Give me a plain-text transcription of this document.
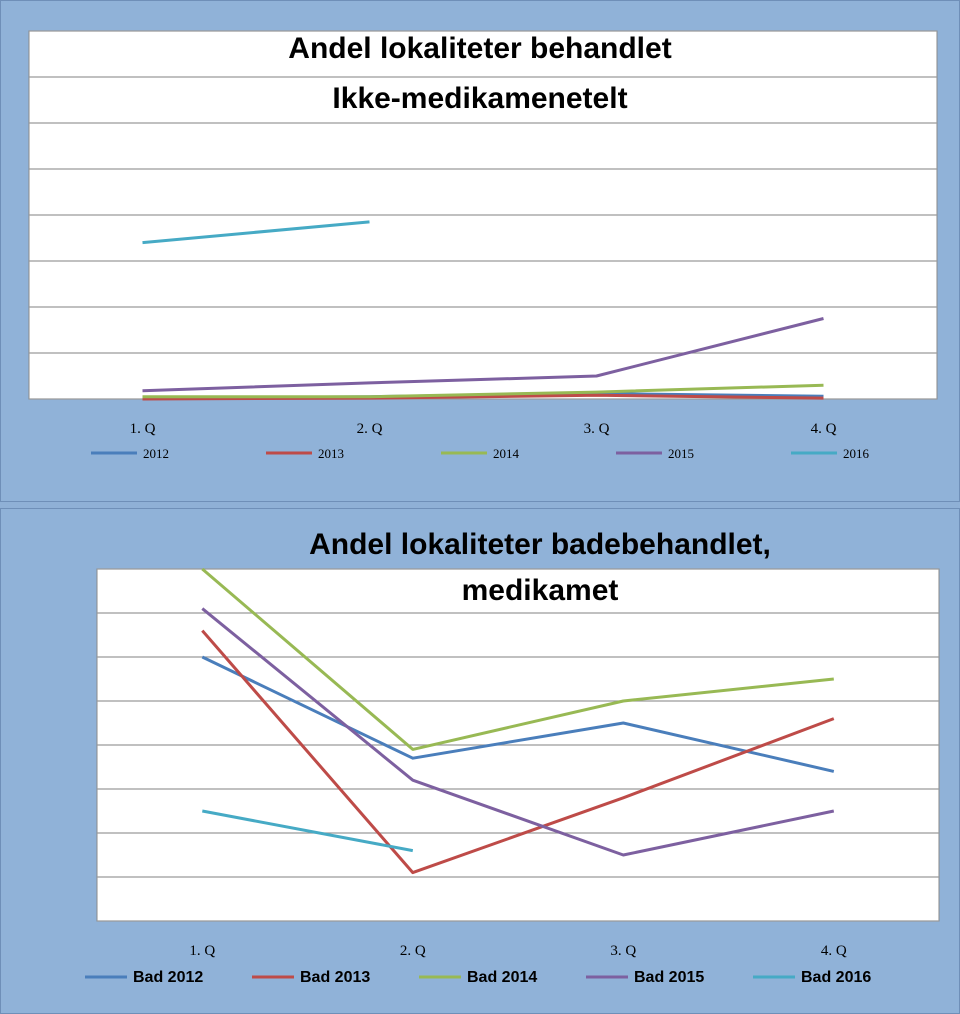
1. Q	2. Q	3. Q	4. Q
2012	2013	2014	2015	2016
Andel lokaliteter behandlet
Ikke-medikamenetelt
1. Q	2. Q	3. Q	4. Q
Bad 2012	Bad 2013	Bad 2014	Bad 2015	Bad 2016
Andel lokaliteter badebehandlet,
medikamet
